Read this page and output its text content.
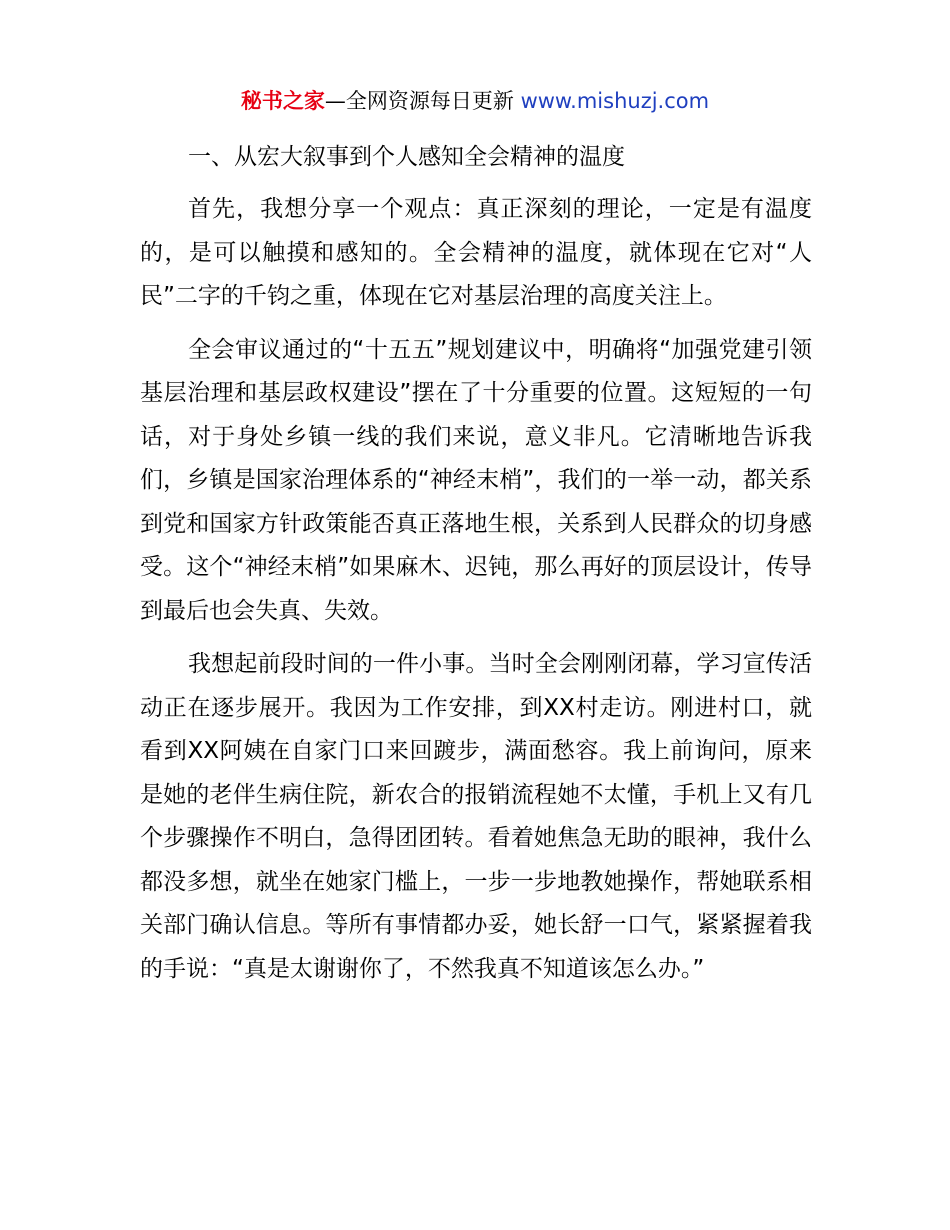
秘书之家—全网资源每日更新 www.mishuzj.com
一、从宏大叙事到个人感知全会精神的温度

首先，我想分享一个观点：真正深刻的理论，一定是有温度的，是可以触摸和感知的。全会精神的温度，就体现在它对“人民”二字的千钧之重，体现在它对基层治理的高度关注上。

全会审议通过的“十五五”规划建议中，明确将“加强党建引领基层治理和基层政权建设”摆在了十分重要的位置。这短短的一句话，对于身处乡镇一线的我们来说，意义非凡。它清晰地告诉我们，乡镇是国家治理体系的“神经末梢”，我们的一举一动，都关系到党和国家方针政策能否真正落地生根，关系到人民群众的切身感受。这个“神经末梢”如果麻木、迟钝，那么再好的顶层设计，传导到最后也会失真、失效。

我想起前段时间的一件小事。当时全会刚刚闭幕，学习宣传活动正在逐步展开。我因为工作安排，到XX村走访。刚进村口，就看到XX阿姨在自家门口来回踱步，满面愁容。我上前询问，原来是她的老伴生病住院，新农合的报销流程她不太懂，手机上又有几个步骤操作不明白，急得团团转。看着她焦急无助的眼神，我什么都没多想，就坐在她家门槛上，一步一步地教她操作，帮她联系相关部门确认信息。等所有事情都办妥，她长舒一口气，紧紧握着我的手说：“真是太谢谢你了，不然我真不知道该怎么办。”
